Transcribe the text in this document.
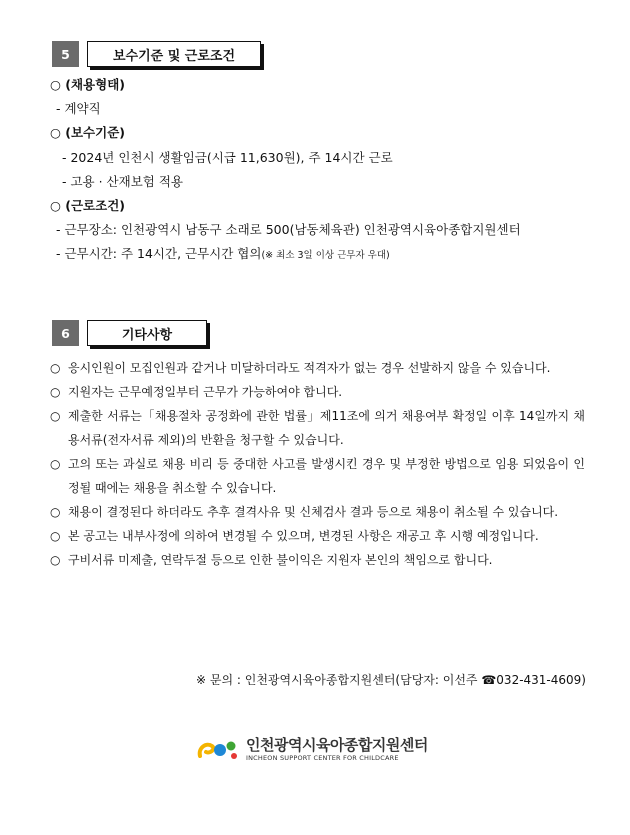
5	보수기준 및 근로조건
○ (채용형태)
- 계약직
○ (보수기준)
- 2024년 인천시 생활임금(시급 11,630원), 주 14시간 근로
- 고용 · 산재보험 적용
○ (근로조건)
- 근무장소: 인천광역시 남동구 소래로 500(남동체육관) 인천광역시육아종합지원센터
- 근무시간: 주 14시간, 근무시간 협의(※ 최소 3일 이상 근무자 우대)
6	기타사항
○ 응시인원이 모집인원과 같거나 미달하더라도 적격자가 없는 경우 선발하지 않을 수 있습니다.
○ 지원자는 근무예정일부터 근무가 가능하여야 합니다.
○ 제출한 서류는「채용절차 공정화에 관한 법률」제11조에 의거 채용여부 확정일 이후 14일까지 채용서류(전자서류 제외)의 반환을 청구할 수 있습니다.
○ 고의 또는 과실로 채용 비리 등 중대한 사고를 발생시킨 경우 및 부정한 방법으로 임용 되었음이 인정될 때에는 채용을 취소할 수 있습니다.
○ 채용이 결정된다 하더라도 추후 결격사유 및 신체검사 결과 등으로 채용이 취소될 수 있습니다.
○ 본 공고는 내부사정에 의하여 변경될 수 있으며, 변경된 사항은 재공고 후 시행 예정입니다.
○ 구비서류 미제출, 연락두절 등으로 인한 불이익은 지원자 본인의 책임으로 합니다.
※ 문의 : 인천광역시육아종합지원센터(담당자: 이선주 ☎032-431-4609)
인천광역시육아종합지원센터
INCHEON SUPPORT CENTER FOR CHILDCARE
